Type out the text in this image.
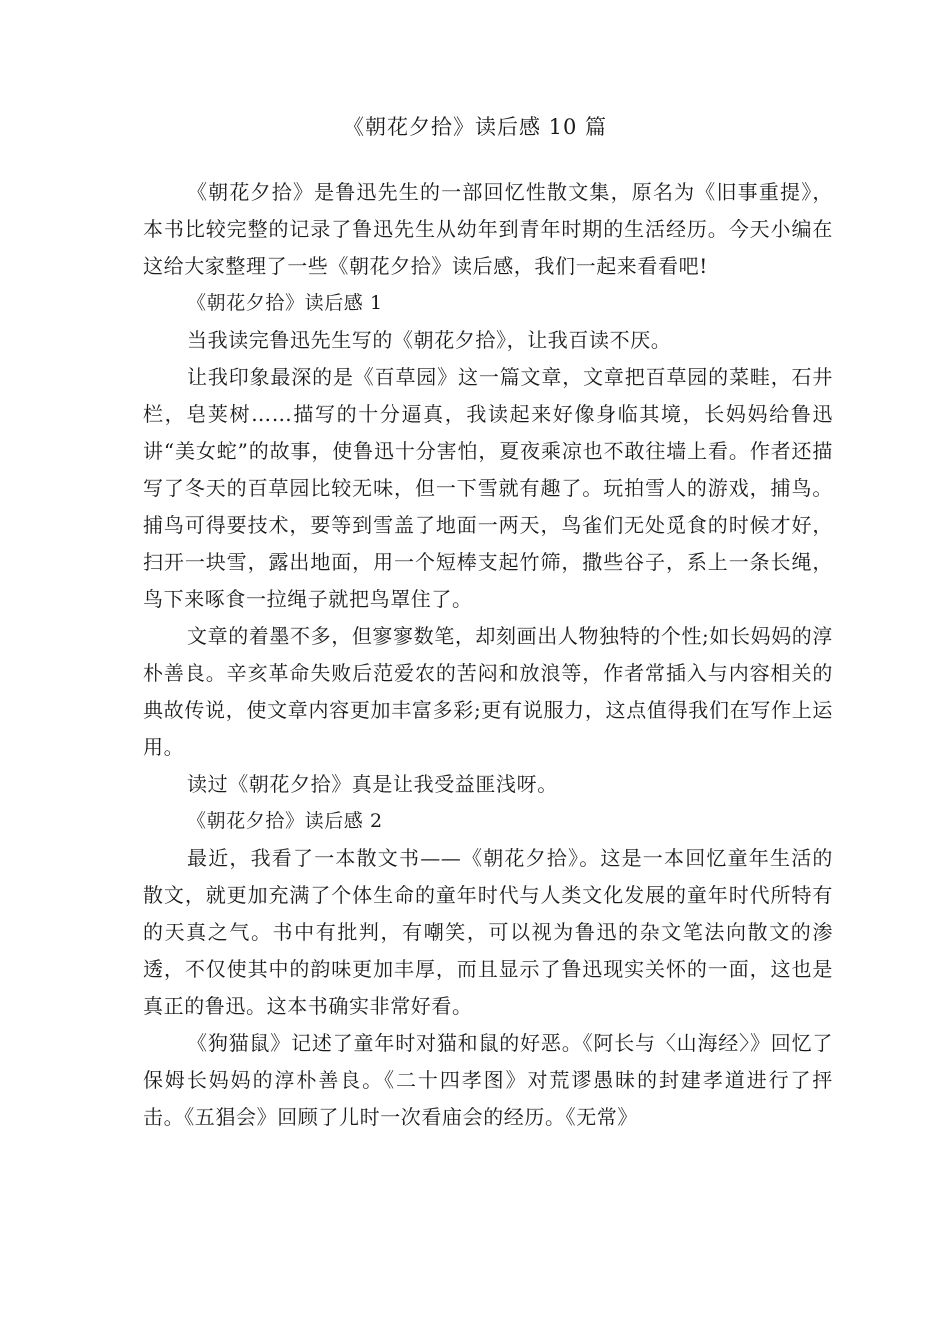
《朝花夕拾》读后感 10 篇

《朝花夕拾》是鲁迅先生的一部回忆性散文集，原名为《旧事重提》，本书比较完整的记录了鲁迅先生从幼年到青年时期的生活经历。今天小编在这给大家整理了一些《朝花夕拾》读后感，我们一起来看看吧!

《朝花夕拾》读后感 1

当我读完鲁迅先生写的《朝花夕拾》，让我百读不厌。

让我印象最深的是《百草园》这一篇文章，文章把百草园的菜畦，石井栏，皂荚树……描写的十分逼真，我读起来好像身临其境，长妈妈给鲁迅讲“美女蛇”的故事，使鲁迅十分害怕，夏夜乘凉也不敢往墙上看。作者还描写了冬天的百草园比较无味，但一下雪就有趣了。玩拍雪人的游戏，捕鸟。捕鸟可得要技术，要等到雪盖了地面一两天，鸟雀们无处觅食的时候才好，扫开一块雪，露出地面，用一个短棒支起竹筛，撒些谷子，系上一条长绳，鸟下来啄食一拉绳子就把鸟罩住了。

文章的着墨不多，但寥寥数笔，却刻画出人物独特的个性;如长妈妈的淳朴善良。辛亥革命失败后范爱农的苦闷和放浪等，作者常插入与内容相关的典故传说，使文章内容更加丰富多彩;更有说服力，这点值得我们在写作上运用。

读过《朝花夕拾》真是让我受益匪浅呀。

《朝花夕拾》读后感 2

最近，我看了一本散文书——《朝花夕拾》。这是一本回忆童年生活的散文，就更加充满了个体生命的童年时代与人类文化发展的童年时代所特有的天真之气。书中有批判，有嘲笑，可以视为鲁迅的杂文笔法向散文的渗透，不仅使其中的韵味更加丰厚，而且显示了鲁迅现实关怀的一面，这也是真正的鲁迅。这本书确实非常好看。

《狗猫鼠》记述了童年时对猫和鼠的好恶。《阿长与〈山海经〉》回忆了保姆长妈妈的淳朴善良。《二十四孝图》对荒谬愚昧的封建孝道进行了抨击。《五猖会》回顾了儿时一次看庙会的经历。《无常》
